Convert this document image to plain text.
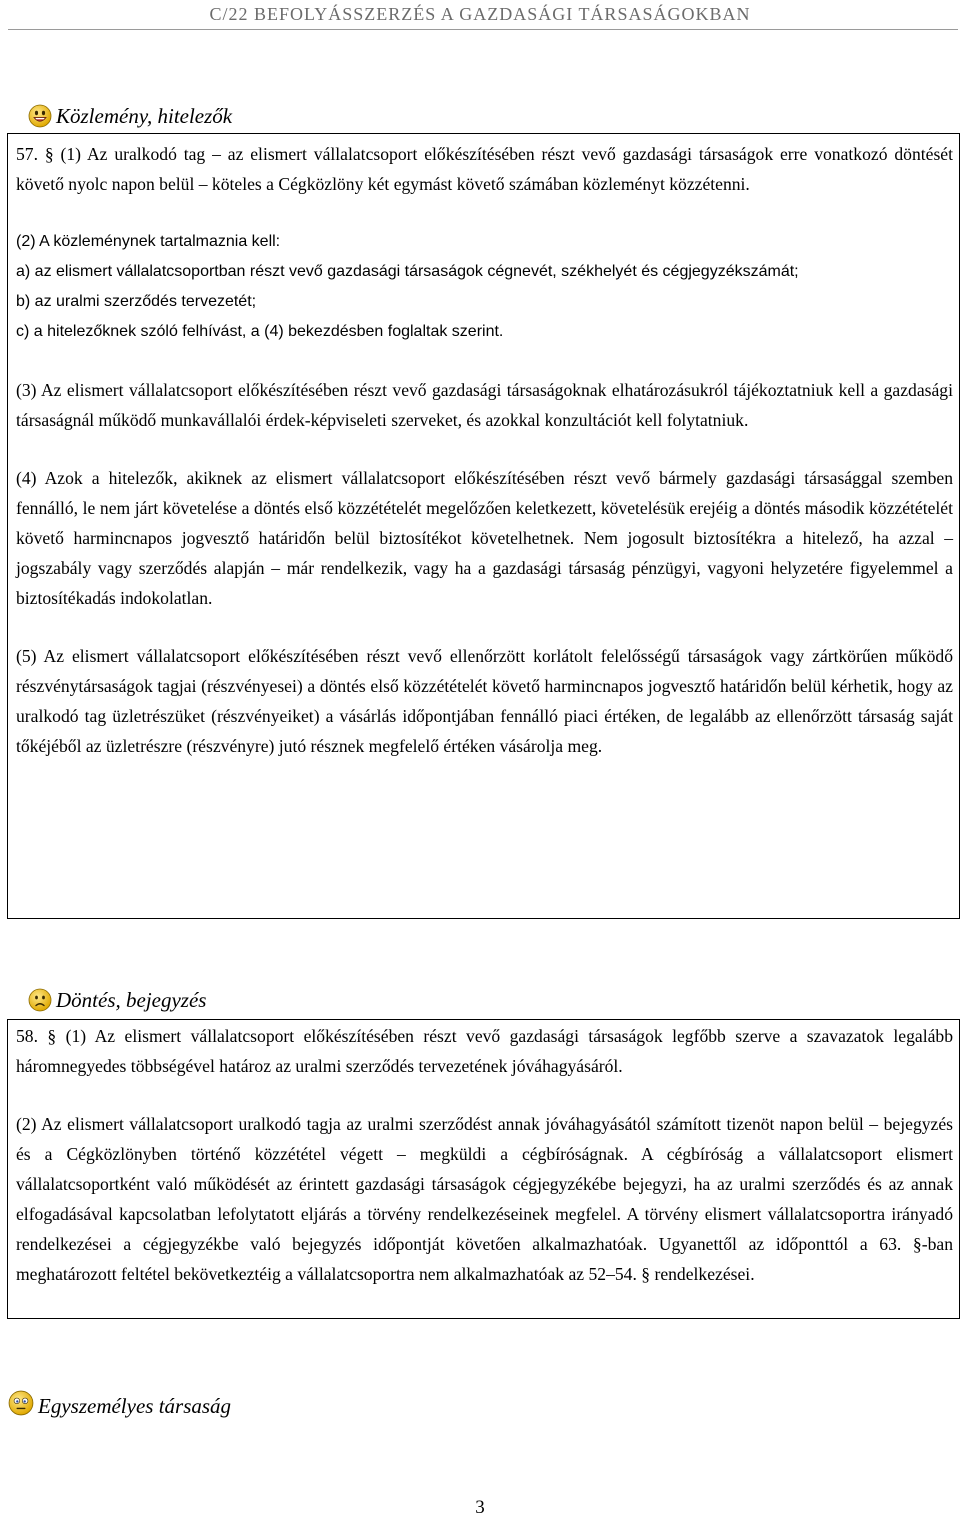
C/22 BEFOLYÁSSZERZÉS A GAZDASÁGI TÁRSASÁGOKBAN
Közlemény, hitelezők

57. § (1) Az uralkodó tag – az elismert vállalatcsoport előkészítésében részt vevő gazdasági társaságok erre vonatkozó döntését követő nyolc napon belül – köteles a Cégközlöny két egymást követő számában közleményt közzétenni.

(2) A közleménynek tartalmaznia kell:

a) az elismert vállalatcsoportban részt vevő gazdasági társaságok cégnevét, székhelyét és cégjegyzékszámát;

b) az uralmi szerződés tervezetét;

c) a hitelezőknek szóló felhívást, a (4) bekezdésben foglaltak szerint.

(3) Az elismert vállalatcsoport előkészítésében részt vevő gazdasági társaságoknak elhatározásukról tájékoztatniuk kell a gazdasági társaságnál működő munkavállalói érdek-képviseleti szerveket, és azokkal konzultációt kell folytatniuk.

(4) Azok a hitelezők, akiknek az elismert vállalatcsoport előkészítésében részt vevő bármely gazdasági társasággal szemben fennálló, le nem járt követelése a döntés első közzétételét megelőzően keletkezett, követelésük erejéig a döntés második közzétételét követő harmincnapos jogvesztő határidőn belül biztosítékot követelhetnek. Nem jogosult biztosítékra a hitelező, ha azzal – jogszabály vagy szerződés alapján – már rendelkezik, vagy ha a gazdasági társaság pénzügyi, vagyoni helyzetére figyelemmel a biztosítékadás indokolatlan.

(5) Az elismert vállalatcsoport előkészítésében részt vevő ellenőrzött korlátolt felelősségű társaságok vagy zártkörűen működő részvénytársaságok tagjai (részvényesei) a döntés első közzétételét követő harmincnapos jogvesztő határidőn belül kérhetik, hogy az uralkodó tag üzletrészüket (részvényeiket) a vásárlás időpontjában fennálló piaci értéken, de legalább az ellenőrzött társaság saját tőkéjéből az üzletrészre (részvényre) jutó résznek megfelelő értéken vásárolja meg.

Döntés, bejegyzés

58. § (1) Az elismert vállalatcsoport előkészítésében részt vevő gazdasági társaságok legfőbb szerve a szavazatok legalább háromnegyedes többségével határoz az uralmi szerződés tervezetének jóváhagyásáról.

(2) Az elismert vállalatcsoport uralkodó tagja az uralmi szerződést annak jóváhagyásától számított tizenöt napon belül – bejegyzés és a Cégközlönyben történő közzététel végett – megküldi a cégbíróságnak. A cégbíróság a vállalatcsoport elismert vállalatcsoportként való működését az érintett gazdasági társaságok cégjegyzékébe bejegyzi, ha az uralmi szerződés és az annak elfogadásával kapcsolatban lefolytatott eljárás a törvény rendelkezéseinek megfelel. A törvény elismert vállalatcsoportra irányadó rendelkezései a cégjegyzékbe való bejegyzés időpontját követően alkalmazhatóak. Ugyanettől az időponttól a 63. §-ban meghatározott feltétel bekövetkeztéig a vállalatcsoportra nem alkalmazhatóak az 52–54. § rendelkezései.

Egyszemélyes társaság
3
